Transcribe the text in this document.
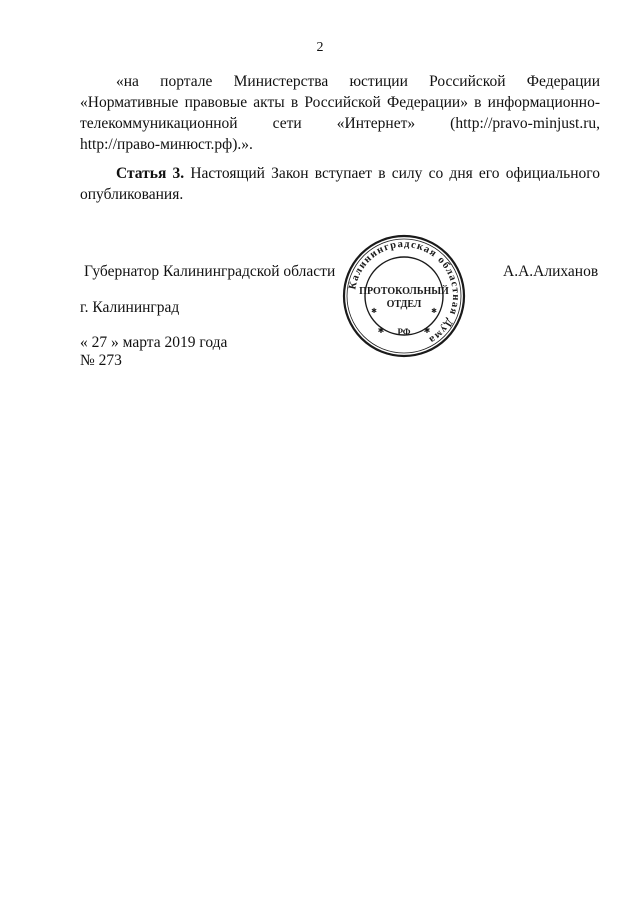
2
«на порталe Министерства юстиции Российской Федерации
«Нормативные правовые акты в Российской Федерации» в информационно-
телекоммуникационной сети «Интернет» (http://pravo-minjust.ru,
http://право-минюст.рф).».
Статья 3. Настоящий Закон вступает в силу со дня его официального
опубликования.
Губернатор Калининградской области	А.А.Алиханов
г. Калининград
« 27 » марта 2019 года
№ 273
Калининградская областная Дума
ПРОТОКОЛЬНЫЙ
ОТДЕЛ
РФ
✱	✱
✱	✱
